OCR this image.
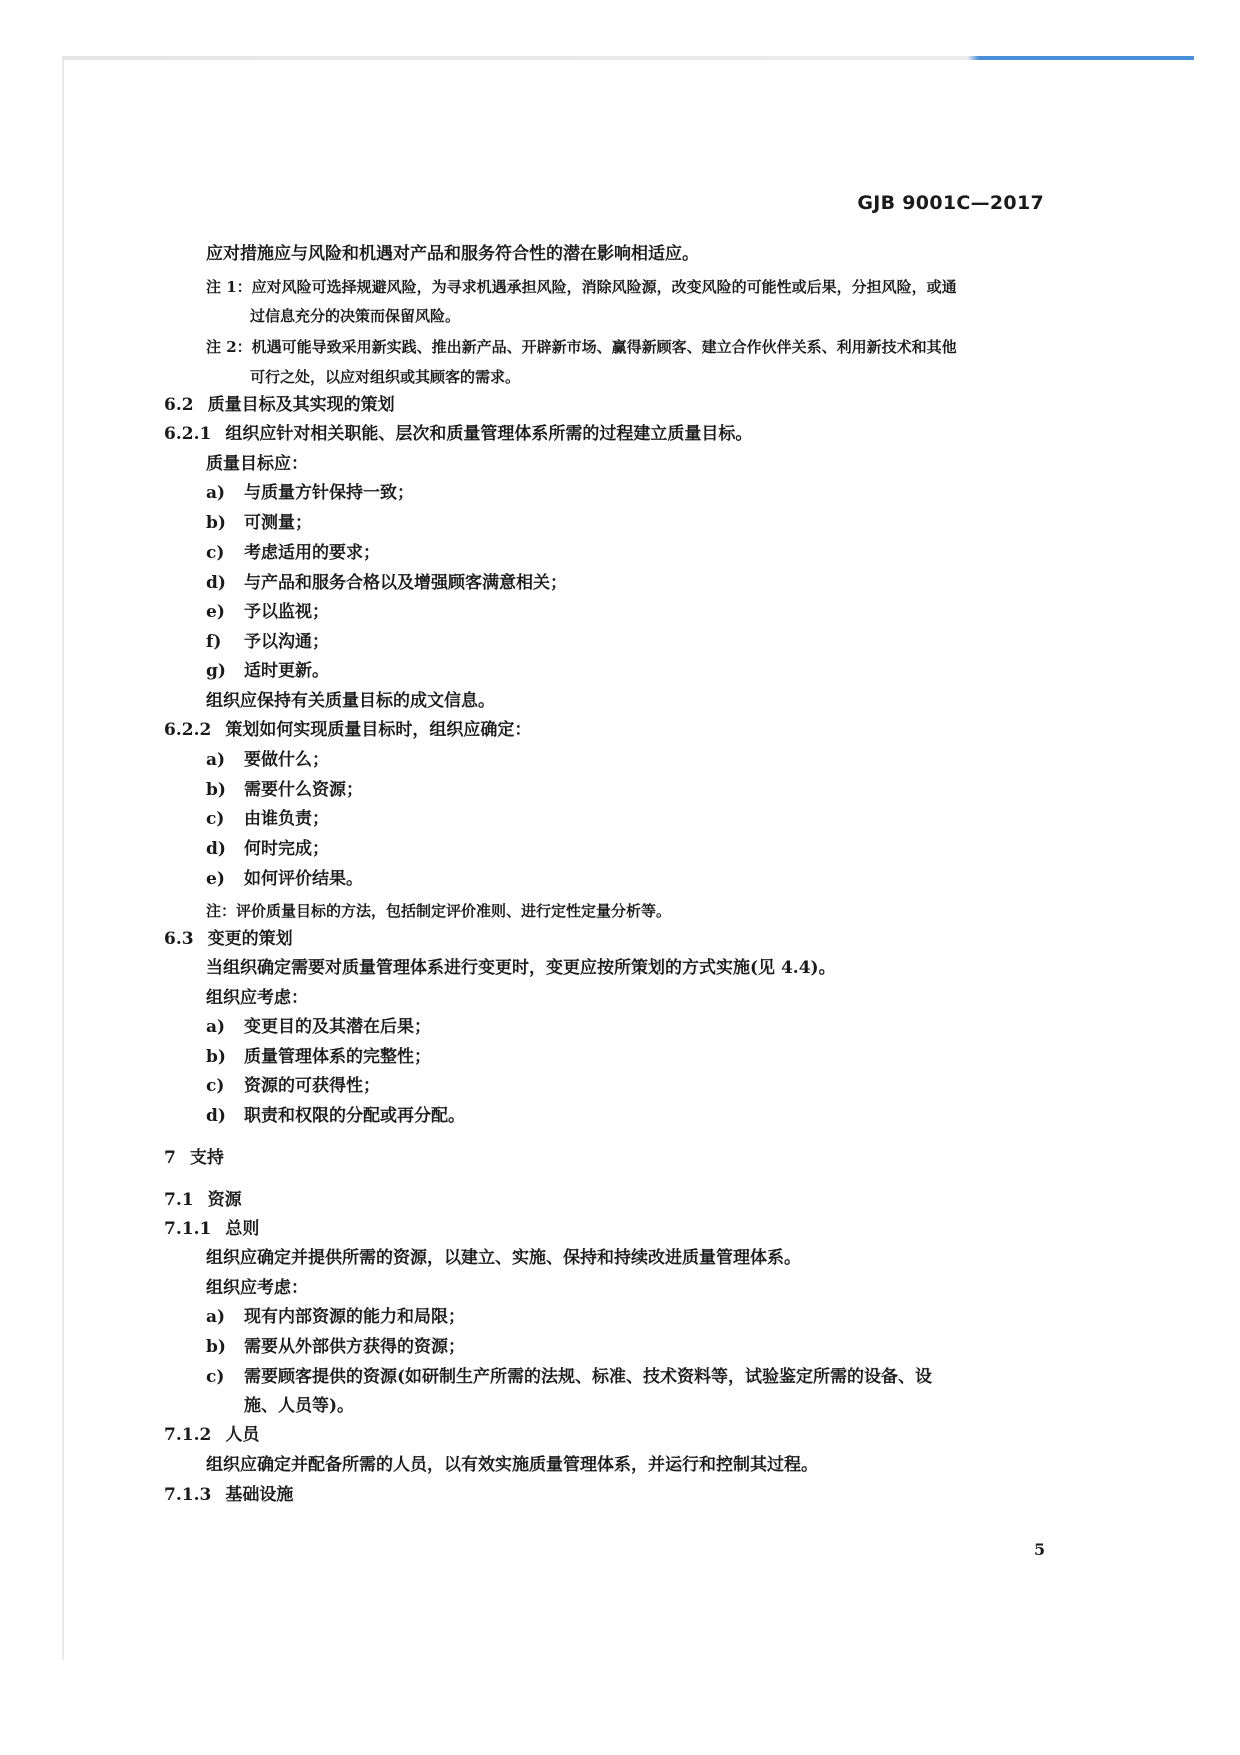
GJB 9001C—2017
应对措施应与风险和机遇对产品和服务符合性的潜在影响相适应。
注 1：应对风险可选择规避风险，为寻求机遇承担风险，消除风险源，改变风险的可能性或后果，分担风险，或通
过信息充分的决策而保留风险。
注 2：机遇可能导致采用新实践、推出新产品、开辟新市场、赢得新顾客、建立合作伙伴关系、利用新技术和其他
可行之处，以应对组织或其顾客的需求。
6.2 质量目标及其实现的策划
6.2.1 组织应针对相关职能、层次和质量管理体系所需的过程建立质量目标。
质量目标应：
a) 与质量方针保持一致；
b) 可测量；
c) 考虑适用的要求；
d) 与产品和服务合格以及增强顾客满意相关；
e) 予以监视；
f) 予以沟通；
g) 适时更新。
组织应保持有关质量目标的成文信息。
6.2.2 策划如何实现质量目标时，组织应确定：
a) 要做什么；
b) 需要什么资源；
c) 由谁负责；
d) 何时完成；
e) 如何评价结果。
注：评价质量目标的方法，包括制定评价准则、进行定性定量分析等。
6.3 变更的策划
当组织确定需要对质量管理体系进行变更时，变更应按所策划的方式实施(见 4.4)。
组织应考虑：
a) 变更目的及其潜在后果；
b) 质量管理体系的完整性；
c) 资源的可获得性；
d) 职责和权限的分配或再分配。
7 支持
7.1 资源
7.1.1 总则
组织应确定并提供所需的资源，以建立、实施、保持和持续改进质量管理体系。
组织应考虑：
a) 现有内部资源的能力和局限；
b) 需要从外部供方获得的资源；
c) 需要顾客提供的资源(如研制生产所需的法规、标准、技术资料等，试验鉴定所需的设备、设
施、人员等)。
7.1.2 人员
组织应确定并配备所需的人员，以有效实施质量管理体系，并运行和控制其过程。
7.1.3 基础设施
5
